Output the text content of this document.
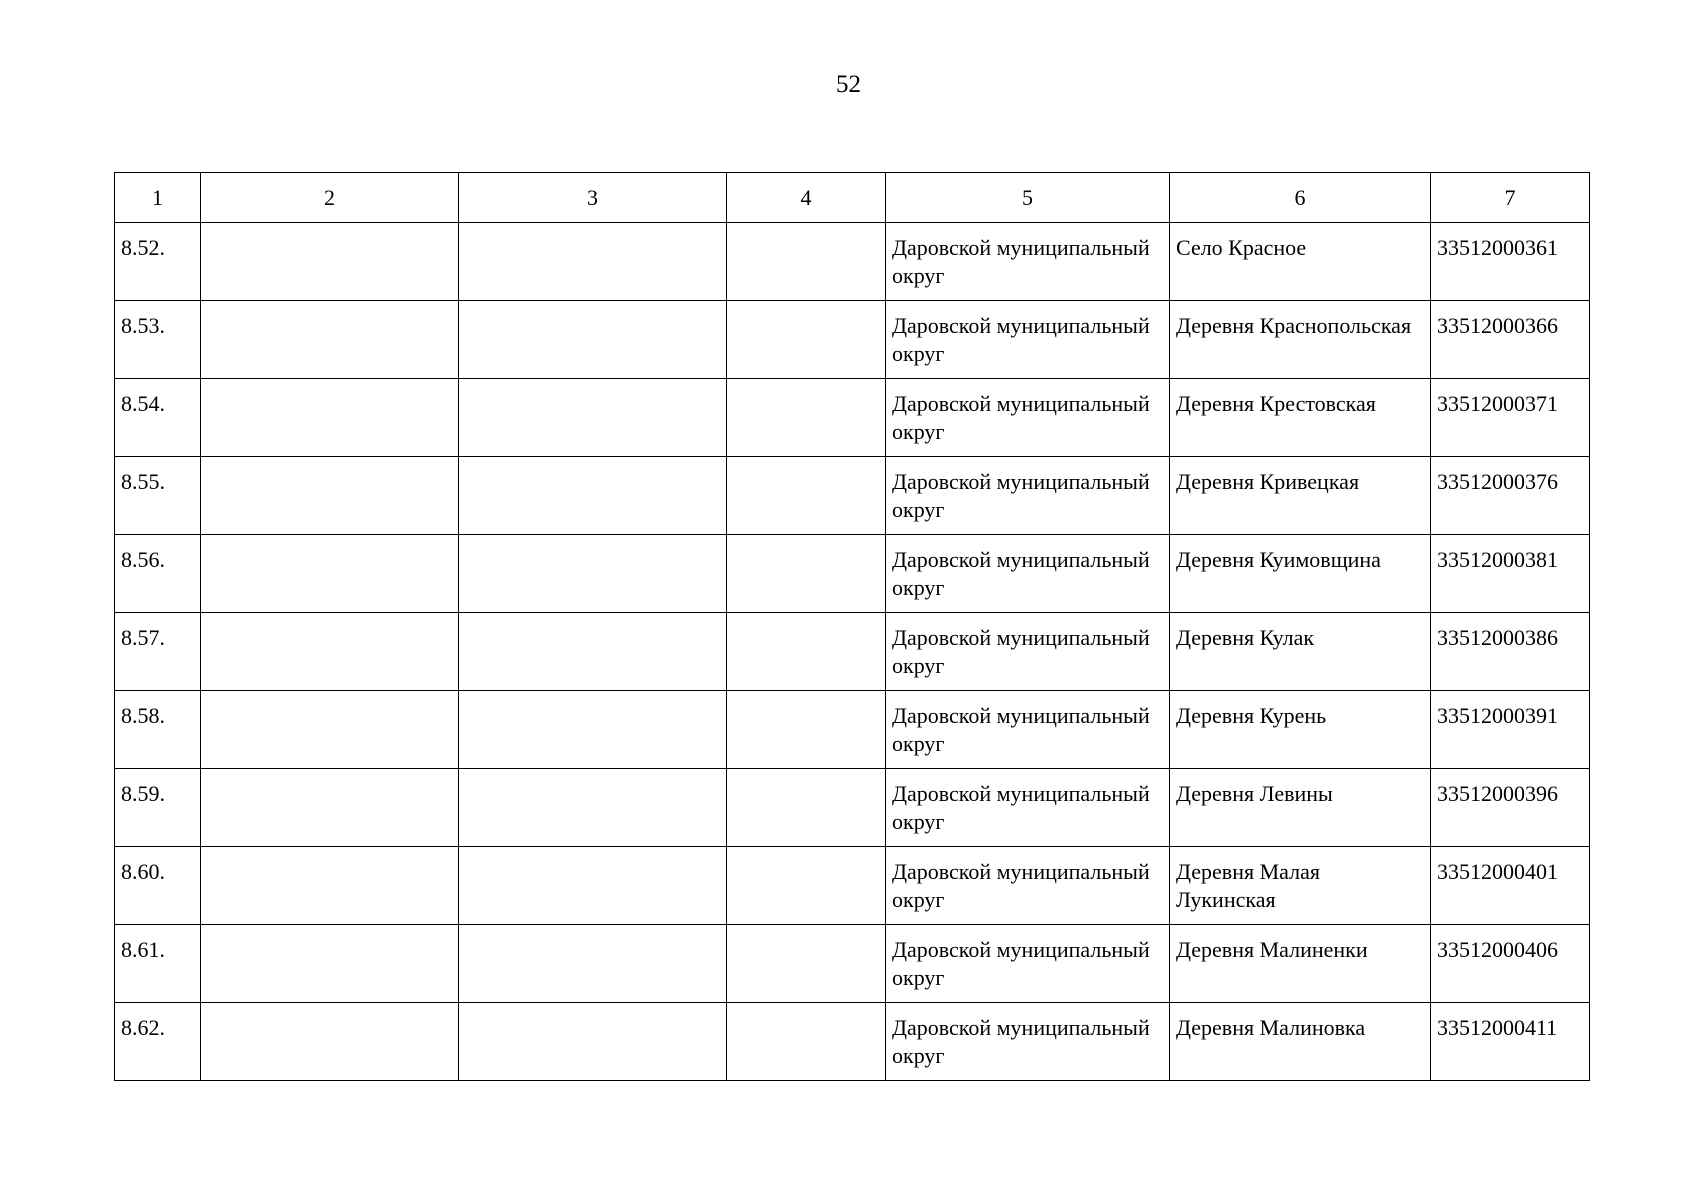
52
1	2	3	4	5	6	7

8.52.				Даровской муниципальный округ	Село Красное	33512000361

8.53.				Даровской муниципальный округ	Деревня Краснопольская	33512000366

8.54.				Даровской муниципальный округ	Деревня Крестовская	33512000371

8.55.				Даровской муниципальный округ	Деревня Кривецкая	33512000376

8.56.				Даровской муниципальный округ	Деревня Куимовщина	33512000381

8.57.				Даровской муниципальный округ	Деревня Кулак	33512000386

8.58.				Даровской муниципальный округ	Деревня Курень	33512000391

8.59.				Даровской муниципальный округ	Деревня Левины	33512000396

8.60.				Даровской муниципальный округ	Деревня Малая Лукинская	33512000401

8.61.				Даровской муниципальный округ	Деревня Малиненки	33512000406

8.62.				Даровской муниципальный округ	Деревня Малиновка	33512000411
